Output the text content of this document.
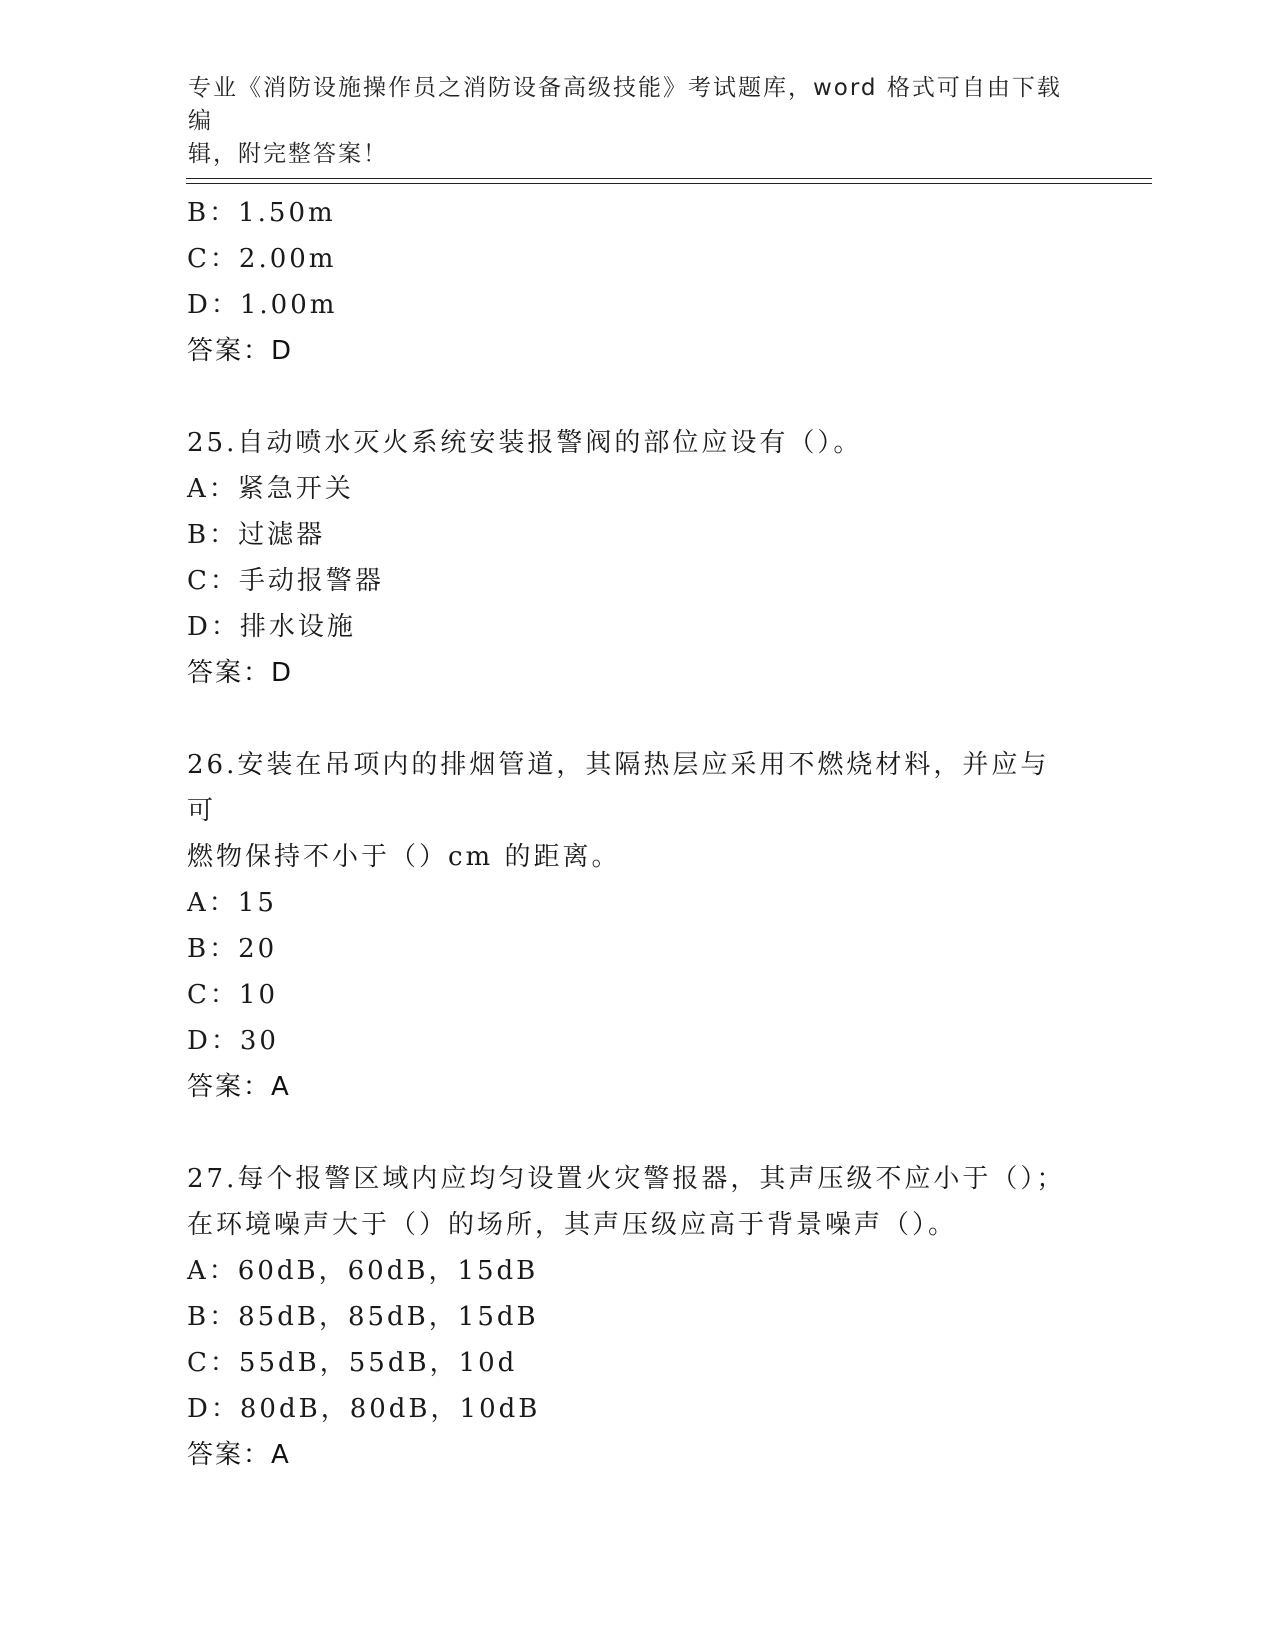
专业《消防设施操作员之消防设备高级技能》考试题库，word 格式可自由下载编
辑，附完整答案！
B：1.50m
C：2.00m
D：1.00m
答案：D
25.自动喷水灭火系统安装报警阀的部位应设有（）。
A：紧急开关
B：过滤器
C：手动报警器
D：排水设施
答案：D
26.安装在吊项内的排烟管道，其隔热层应采用不燃烧材料，并应与可
燃物保持不小于（）cm 的距离。
A：15
B：20
C：10
D：30
答案：A
27.每个报警区域内应均匀设置火灾警报器，其声压级不应小于（）；
在环境噪声大于（）的场所，其声压级应高于背景噪声（）。
A：60dB，60dB，15dB
B：85dB，85dB，15dB
C：55dB，55dB，10d
D：80dB，80dB，10dB
答案：A
